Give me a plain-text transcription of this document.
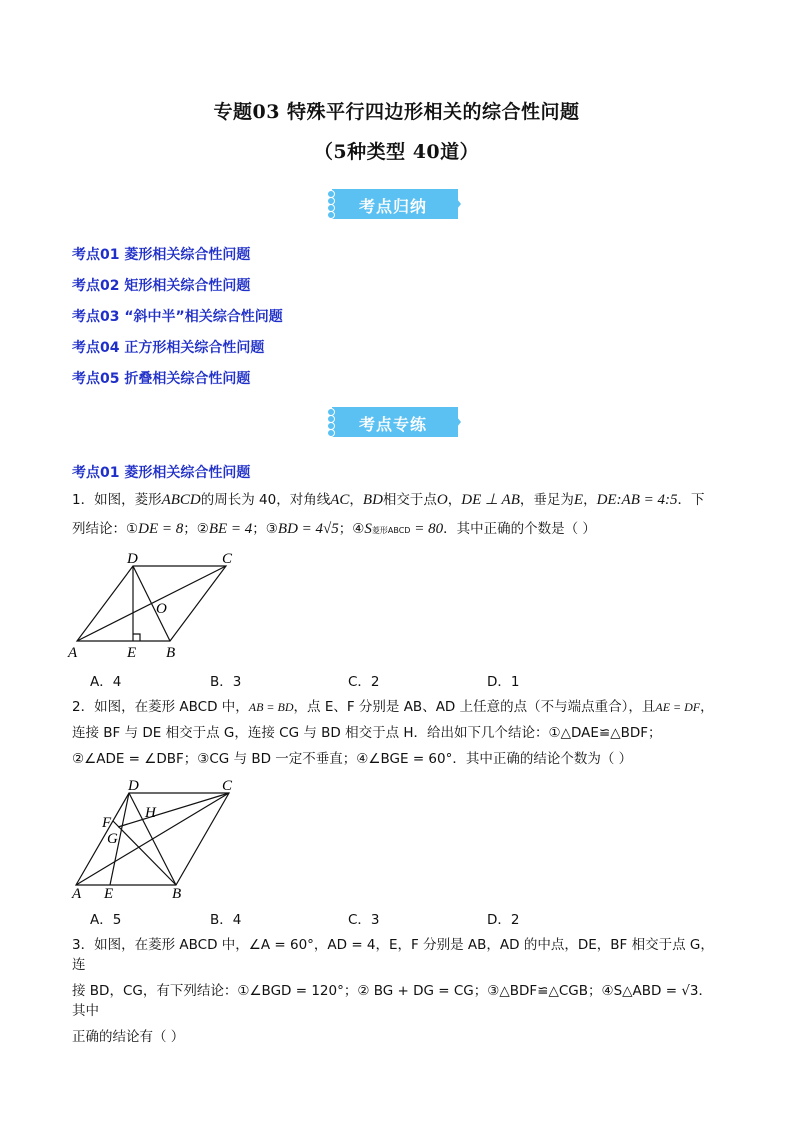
专题03 特殊平行四边形相关的综合性问题
（5种类型 40道）
考点归纳
考点01 菱形相关综合性问题
考点02 矩形相关综合性问题
考点03 “斜中半”相关综合性问题
考点04 正方形相关综合性问题
考点05 折叠相关综合性问题
考点专练
考点01 菱形相关综合性问题
1．如图，菱形ABCD的周长为 40，对角线AC，BD相交于点O，DE ⊥ AB，垂足为E，DE:AB = 4:5．下
列结论：①DE = 8；②BE = 4；③BD = 4√5；④S菱形ABCD = 80．其中正确的个数是（ ）
A	B
C
D
E
O
A．4	B．3	C．2	D．1
2．如图，在菱形 ABCD 中，AB = BD，点 E、F 分别是 AB、AD 上任意的点（不与端点重合），且AE = DF，
连接 BF 与 DE 相交于点 G，连接 CG 与 BD 相交于点 H．给出如下几个结论：①△DAE≌△BDF；
②∠ADE = ∠DBF；③CG 与 BD 一定不垂直；④∠BGE = 60°．其中正确的结论个数为（ ）
A	B
C
D
E
F
G
H
A．5	B．4	C．3	D．2
3．如图，在菱形 ABCD 中，∠A = 60°，AD = 4，E，F 分别是 AB，AD 的中点，DE，BF 相交于点 G，连
接 BD，CG，有下列结论：①∠BGD = 120°；② BG + DG = CG；③△BDF≌△CGB；④S△ABD = √3．其中
正确的结论有（ ）
